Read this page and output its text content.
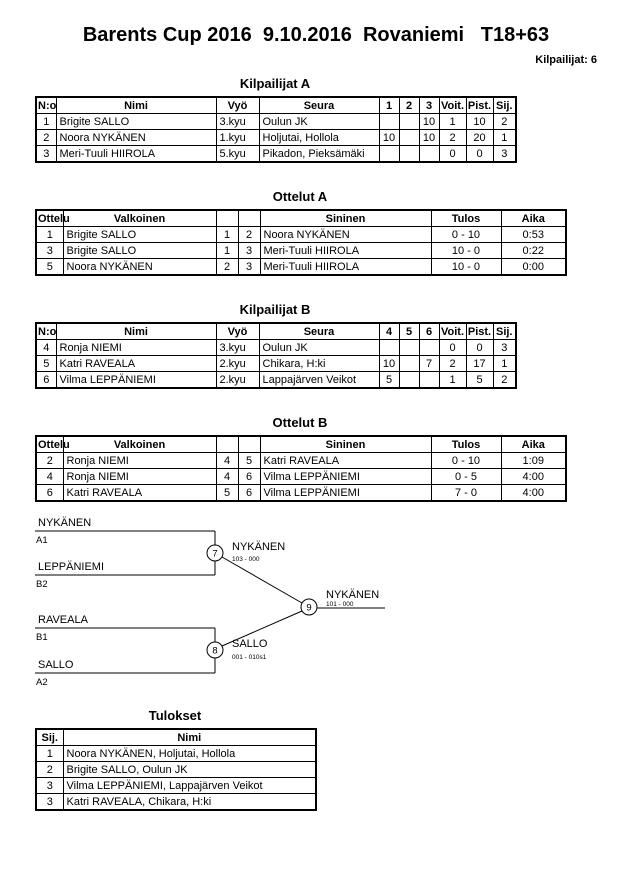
Barents Cup 2016  9.10.2016  Rovaniemi   T18+63
Kilpailijat: 6
Kilpailijat A
N:o	Nimi	Vyö	Seura	1	2	3	Voit.	Pist.	Sij.
1	Brigite SALLO	3.kyu	Oulun JK			10	1	10	2
2	Noora NYKÄNEN	1.kyu	Holjutai, Hollola	10		10	2	20	1
3	Meri-Tuuli HIIROLA	5.kyu	Pikadon, Pieksämäki				0	0	3
Ottelut A
Ottelu	Valkoinen			Sininen	Tulos	Aika
1	Brigite SALLO	1	2	Noora NYKÄNEN	0 - 10	0:53
3	Brigite SALLO	1	3	Meri-Tuuli HIIROLA	10 - 0	0:22
5	Noora NYKÄNEN	2	3	Meri-Tuuli HIIROLA	10 - 0	0:00
Kilpailijat B
N:o	Nimi	Vyö	Seura	4	5	6	Voit.	Pist.	Sij.
4	Ronja NIEMI	3.kyu	Oulun JK				0	0	3
5	Katri RAVEALA	2.kyu	Chikara, H:ki	10		7	2	17	1
6	Vilma LEPPÄNIEMI	2.kyu	Lappajärven Veikot	5			1	5	2
Ottelut B
Ottelu	Valkoinen			Sininen	Tulos	Aika
2	Ronja NIEMI	4	5	Katri RAVEALA	0 - 10	1:09
4	Ronja NIEMI	4	6	Vilma LEPPÄNIEMI	0 - 5	4:00
6	Katri RAVEALA	5	6	Vilma LEPPÄNIEMI	7 - 0	4:00
NYKÄNEN
A1
LEPPÄNIEMI
B2
7
NYKÄNEN
103 - 000
RAVEALA
B1
SALLO
A2
8
SALLO
001 - 010s1
9
NYKÄNEN
101 - 000
Tulokset
Sij.	Nimi
1	Noora NYKÄNEN, Holjutai, Hollola
2	Brigite SALLO, Oulun JK
3	Vilma LEPPÄNIEMI, Lappajärven Veikot
3	Katri RAVEALA, Chikara, H:ki
